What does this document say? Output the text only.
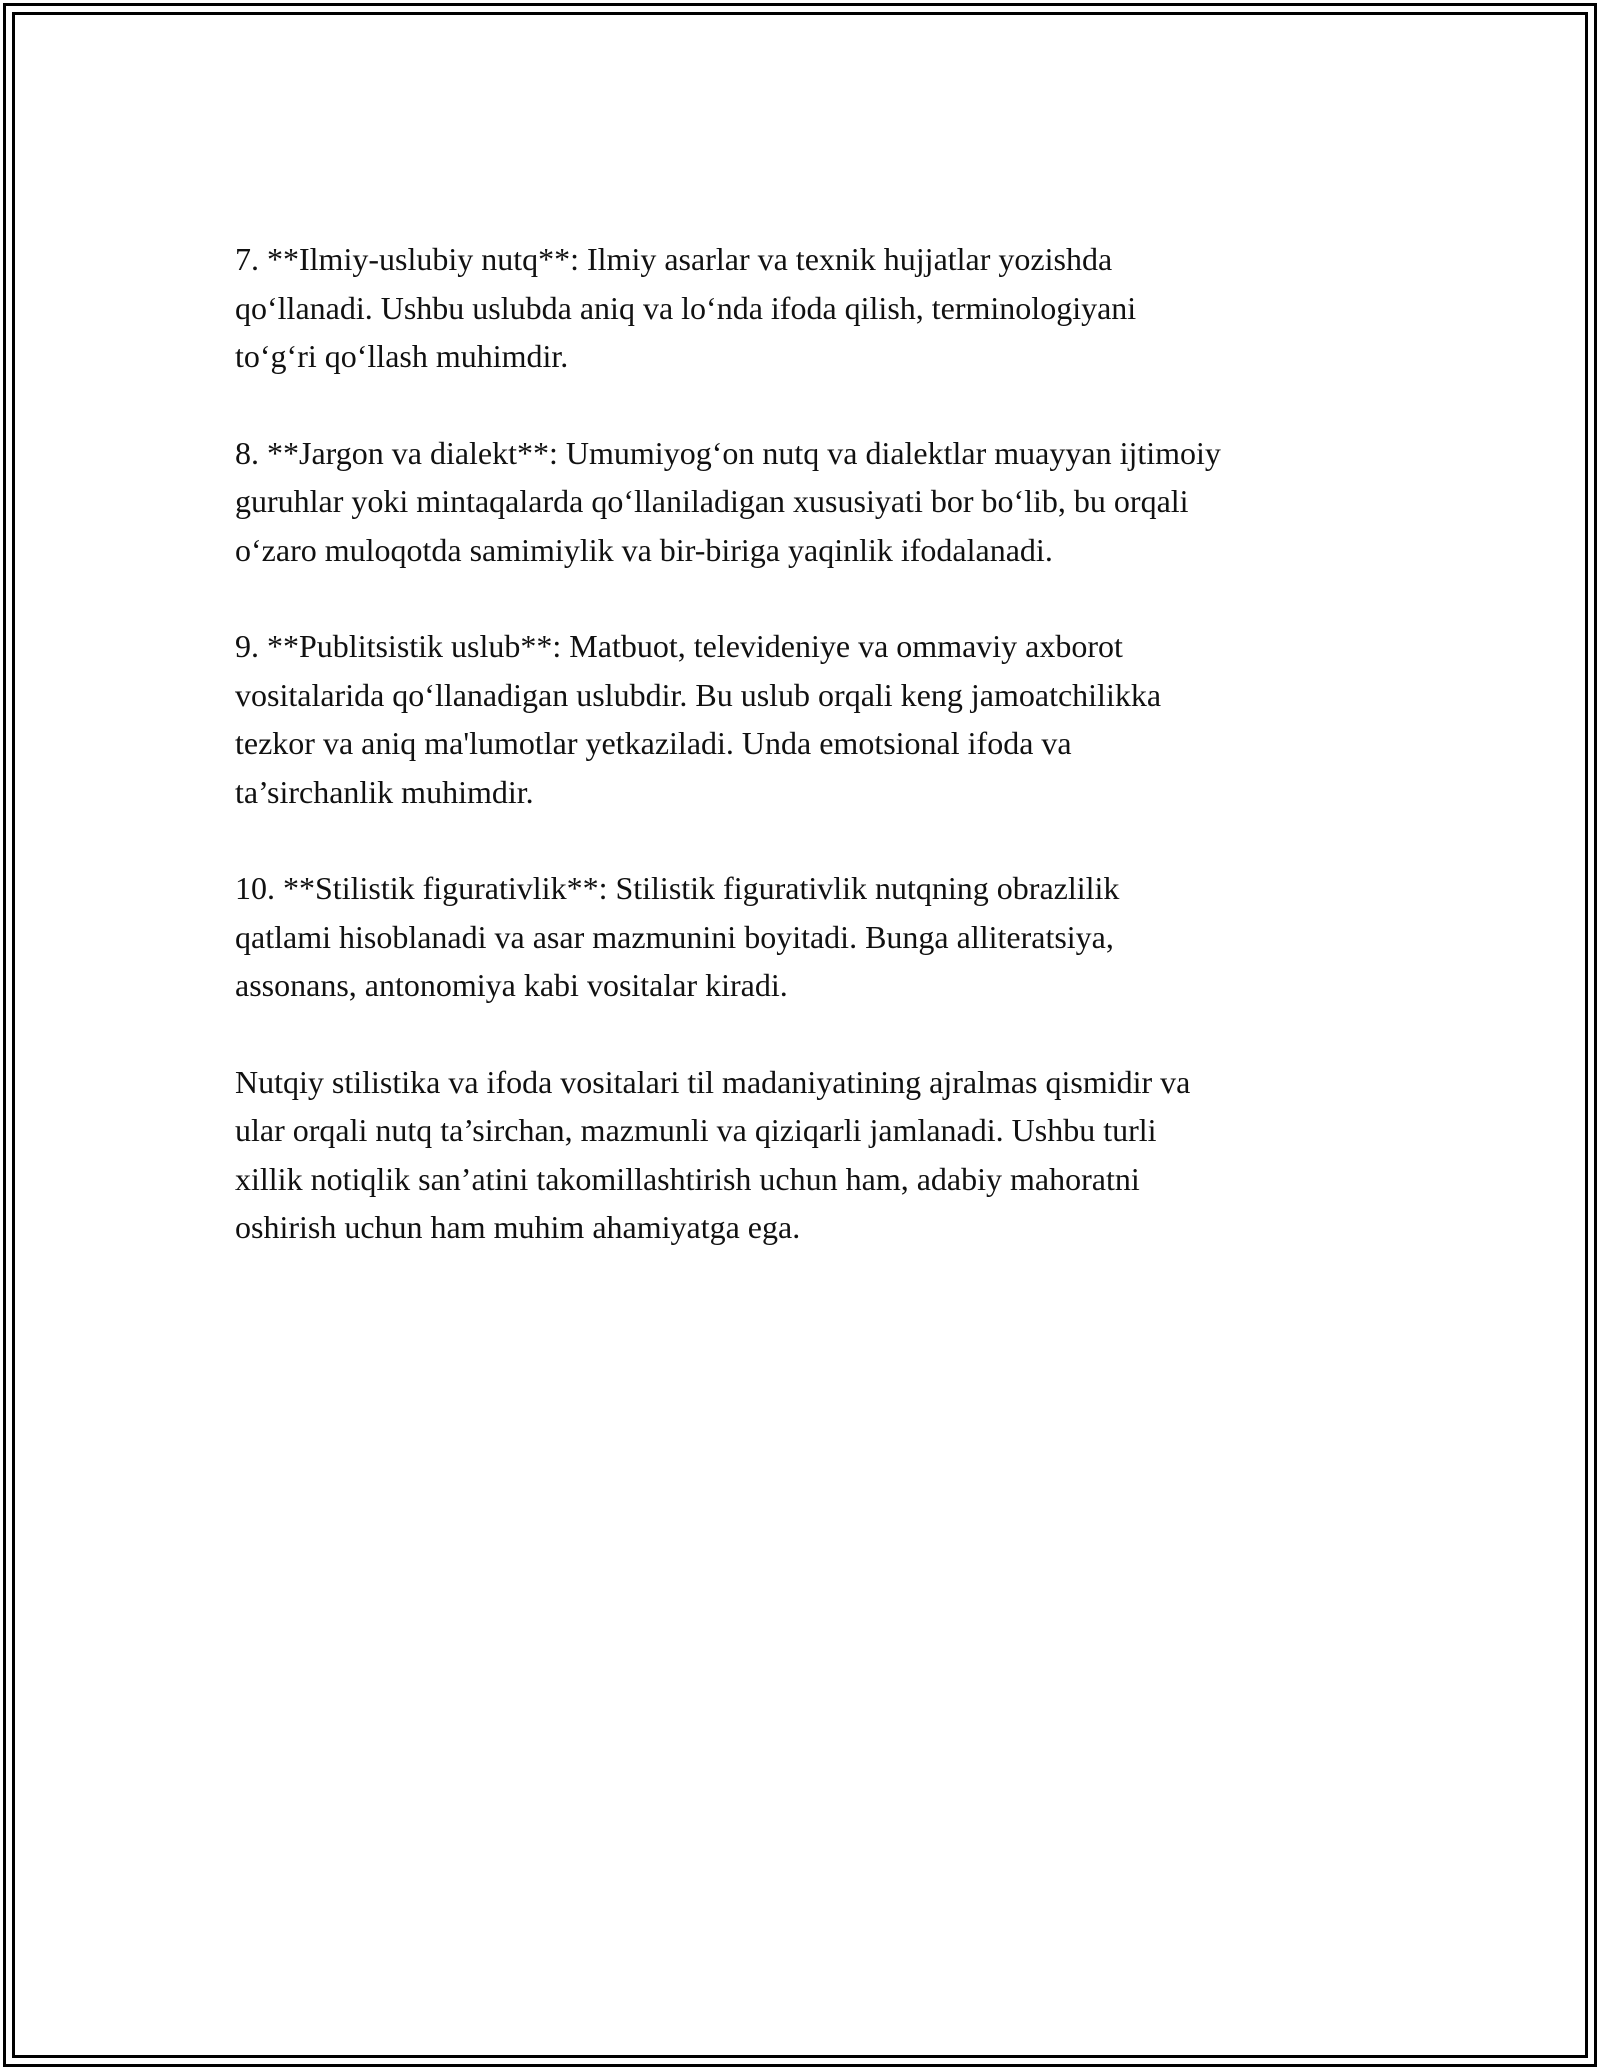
7. **Ilmiy-uslubiy nutq**: Ilmiy asarlar va texnik hujjatlar yozishda
qo‘llanadi. Ushbu uslubda aniq va lo‘nda ifoda qilish, terminologiyani
to‘g‘ri qo‘llash muhimdir.

8. **Jargon va dialekt**: Umumiyog‘on nutq va dialektlar muayyan ijtimoiy
guruhlar yoki mintaqalarda qo‘llaniladigan xususiyati bor bo‘lib, bu orqali
o‘zaro muloqotda samimiylik va bir-biriga yaqinlik ifodalanadi.

9. **Publitsistik uslub**: Matbuot, televideniye va ommaviy axborot
vositalarida qo‘llanadigan uslubdir. Bu uslub orqali keng jamoatchilikka
tezkor va aniq ma'lumotlar yetkaziladi. Unda emotsional ifoda va
ta’sirchanlik muhimdir.

10. **Stilistik figurativlik**: Stilistik figurativlik nutqning obrazlilik
qatlami hisoblanadi va asar mazmunini boyitadi. Bunga alliteratsiya,
assonans, antonomiya kabi vositalar kiradi.

Nutqiy stilistika va ifoda vositalari til madaniyatining ajralmas qismidir va
ular orqali nutq ta’sirchan, mazmunli va qiziqarli jamlanadi. Ushbu turli
xillik notiqlik san’atini takomillashtirish uchun ham, adabiy mahoratni
oshirish uchun ham muhim ahamiyatga ega.
